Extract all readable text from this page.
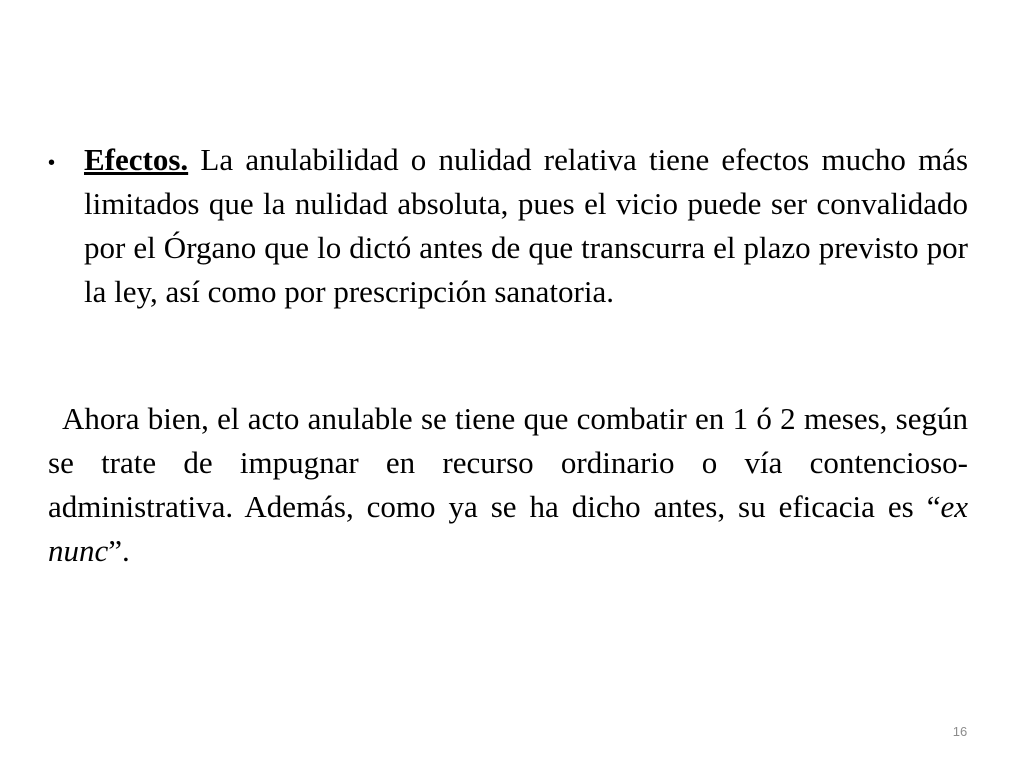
• Efectos. La anulabilidad o nulidad relativa tiene efectos mucho más limitados que la nulidad absoluta, pues el vicio puede ser convalidado por el Órgano que lo dictó antes de que transcurra el plazo previsto por la ley, así como por prescripción sanatoria.
Ahora bien, el acto anulable se tiene que combatir en 1 ó 2 meses, según se trate de impugnar en recurso ordinario o vía contencioso-administrativa. Además, como ya se ha dicho antes, su eficacia es “ex nunc”.
16
